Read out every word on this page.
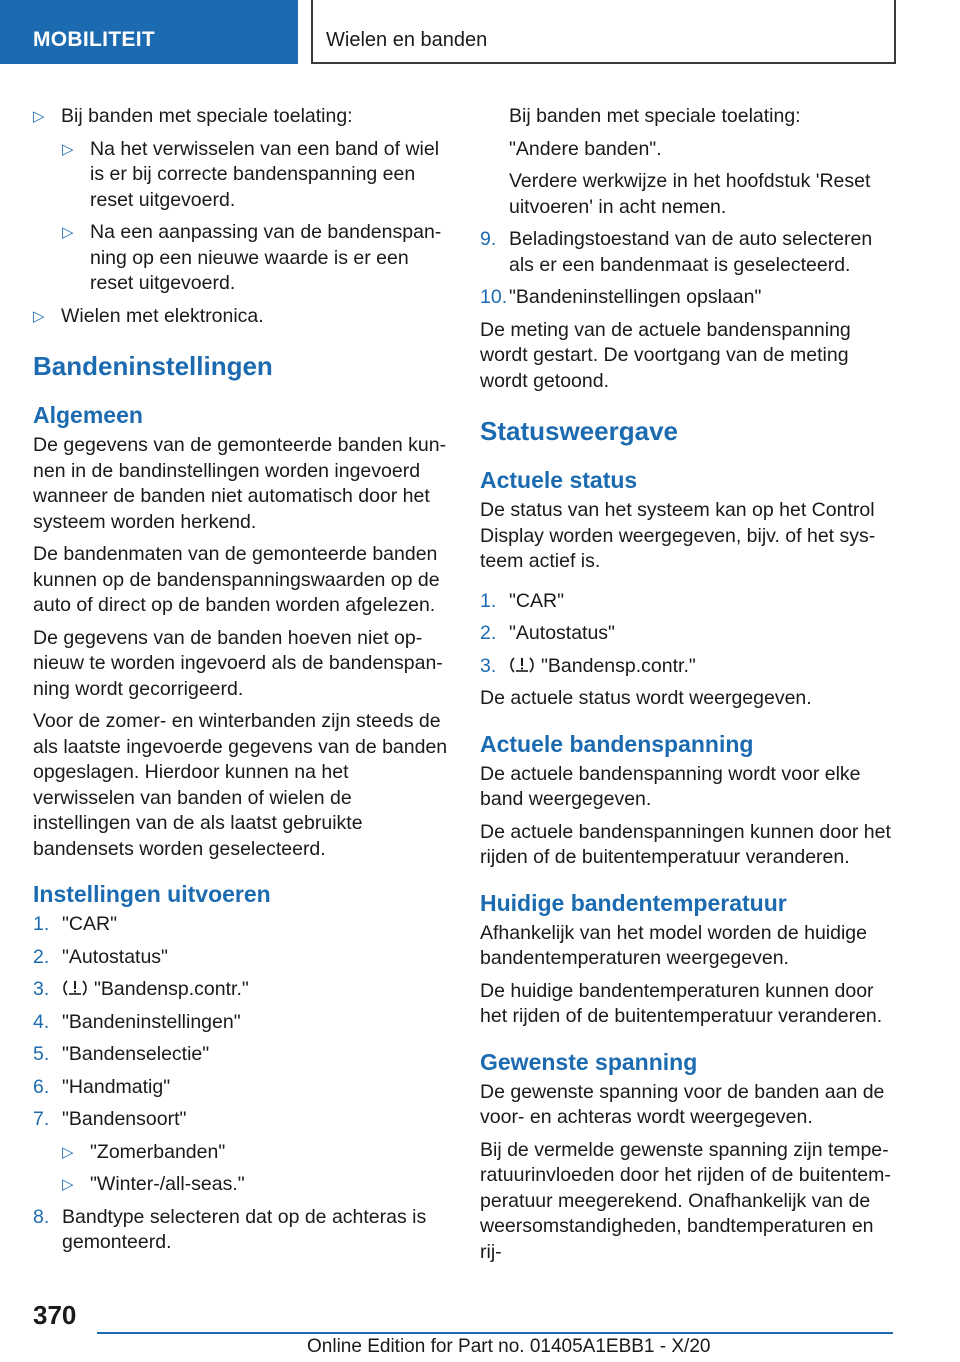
MOBILITEIT	Wielen en banden
▷ Bij banden met speciale toelating:
▷ Na het verwisselen van een band of wiel is er bij correcte bandenspanning een reset uitgevoerd.
▷ Na een aanpassing van de bandenspanning op een nieuwe waarde is er een reset uitgevoerd.
▷ Wielen met elektronica.
Bandeninstellingen
Algemeen

De gegevens van de gemonteerde banden kunnen in de bandinstellingen worden ingevoerd wanneer de banden niet automatisch door het systeem worden herkend.

De bandenmaten van de gemonteerde banden kunnen op de bandenspanningswaarden op de auto of direct op de banden worden afgelezen.

De gegevens van de banden hoeven niet opnieuw te worden ingevoerd als de bandenspanning wordt gecorrigeerd.

Voor de zomer- en winterbanden zijn steeds de als laatste ingevoerde gegevens van de banden opgeslagen. Hierdoor kunnen na het verwisselen van banden of wielen de instellingen van de als laatst gebruikte bandensets worden geselecteerd.

Instellingen uitvoeren
1. "CAR"
2. "Autostatus"
3. "Bandensp.contr."
4. "Bandeninstellingen"
5. "Bandenselectie"
6. "Handmatig"
7. "Bandensoort"
▷ "Zomerbanden"
▷ "Winter-/all-seas."
8. Bandtype selecteren dat op de achteras is gemonteerd.

Bij banden met speciale toelating:

"Andere banden".

Verdere werkwijze in het hoofdstuk 'Reset uitvoeren' in acht nemen.

9. Beladingstoestand van de auto selecteren als er een bandenmaat is geselecteerd.
10. "Bandeninstellingen opslaan"

De meting van de actuele bandenspanning wordt gestart. De voortgang van de meting wordt getoond.

Statusweergave
Actuele status

De status van het systeem kan op het Control Display worden weergegeven, bijv. of het systeem actief is.

1. "CAR"
2. "Autostatus"
3. "Bandensp.contr."

De actuele status wordt weergegeven.

Actuele bandenspanning

De actuele bandenspanning wordt voor elke band weergegeven.

De actuele bandenspanningen kunnen door het rijden of de buitentemperatuur veranderen.

Huidige bandentemperatuur

Afhankelijk van het model worden de huidige bandentemperaturen weergegeven.

De huidige bandentemperaturen kunnen door het rijden of de buitentemperatuur veranderen.

Gewenste spanning

De gewenste spanning voor de banden aan de voor- en achteras wordt weergegeven.

Bij de vermelde gewenste spanning zijn temperatuurinvloeden door het rijden of de buitentemperatuur meegerekend. Onafhankelijk van de weersomstandigheden, bandtemperaturen en rij-

370
Online Edition for Part no. 01405A1EBB1 - X/20
